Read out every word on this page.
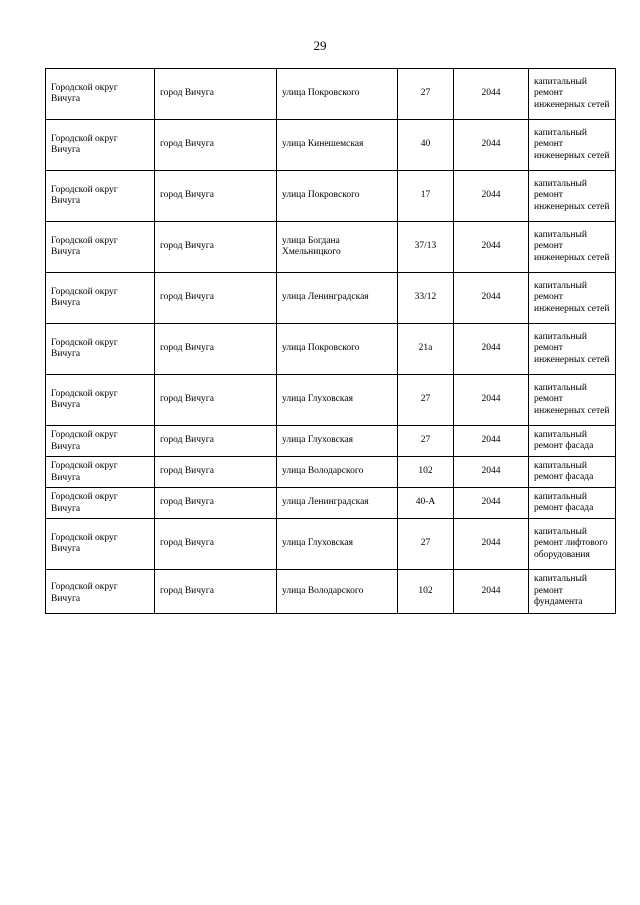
29
Городской округ Вичуга	город Вичуга	улица Покровского	27	2044	капитальный ремонт инженерных сетей
Городской округ Вичуга	город Вичуга	улица Кинешемская	40	2044	капитальный ремонт инженерных сетей
Городской округ Вичуга	город Вичуга	улица Покровского	17	2044	капитальный ремонт инженерных сетей
Городской округ Вичуга	город Вичуга	улица Богдана Хмельницкого	37/13	2044	капитальный ремонт инженерных сетей
Городской округ Вичуга	город Вичуга	улица Ленинградская	33/12	2044	капитальный ремонт инженерных сетей
Городской округ Вичуга	город Вичуга	улица Покровского	21а	2044	капитальный ремонт инженерных сетей
Городской округ Вичуга	город Вичуга	улица Глуховская	27	2044	капитальный ремонт инженерных сетей
Городской округ Вичуга	город Вичуга	улица Глуховская	27	2044	капитальный ремонт фасада
Городской округ Вичуга	город Вичуга	улица Володарского	102	2044	капитальный ремонт фасада
Городской округ Вичуга	город Вичуга	улица Ленинградская	40-А	2044	капитальный ремонт фасада
Городской округ Вичуга	город Вичуга	улица Глуховская	27	2044	капитальный ремонт лифтового оборудования
Городской округ Вичуга	город Вичуга	улица Володарского	102	2044	капитальный ремонт фундамента
